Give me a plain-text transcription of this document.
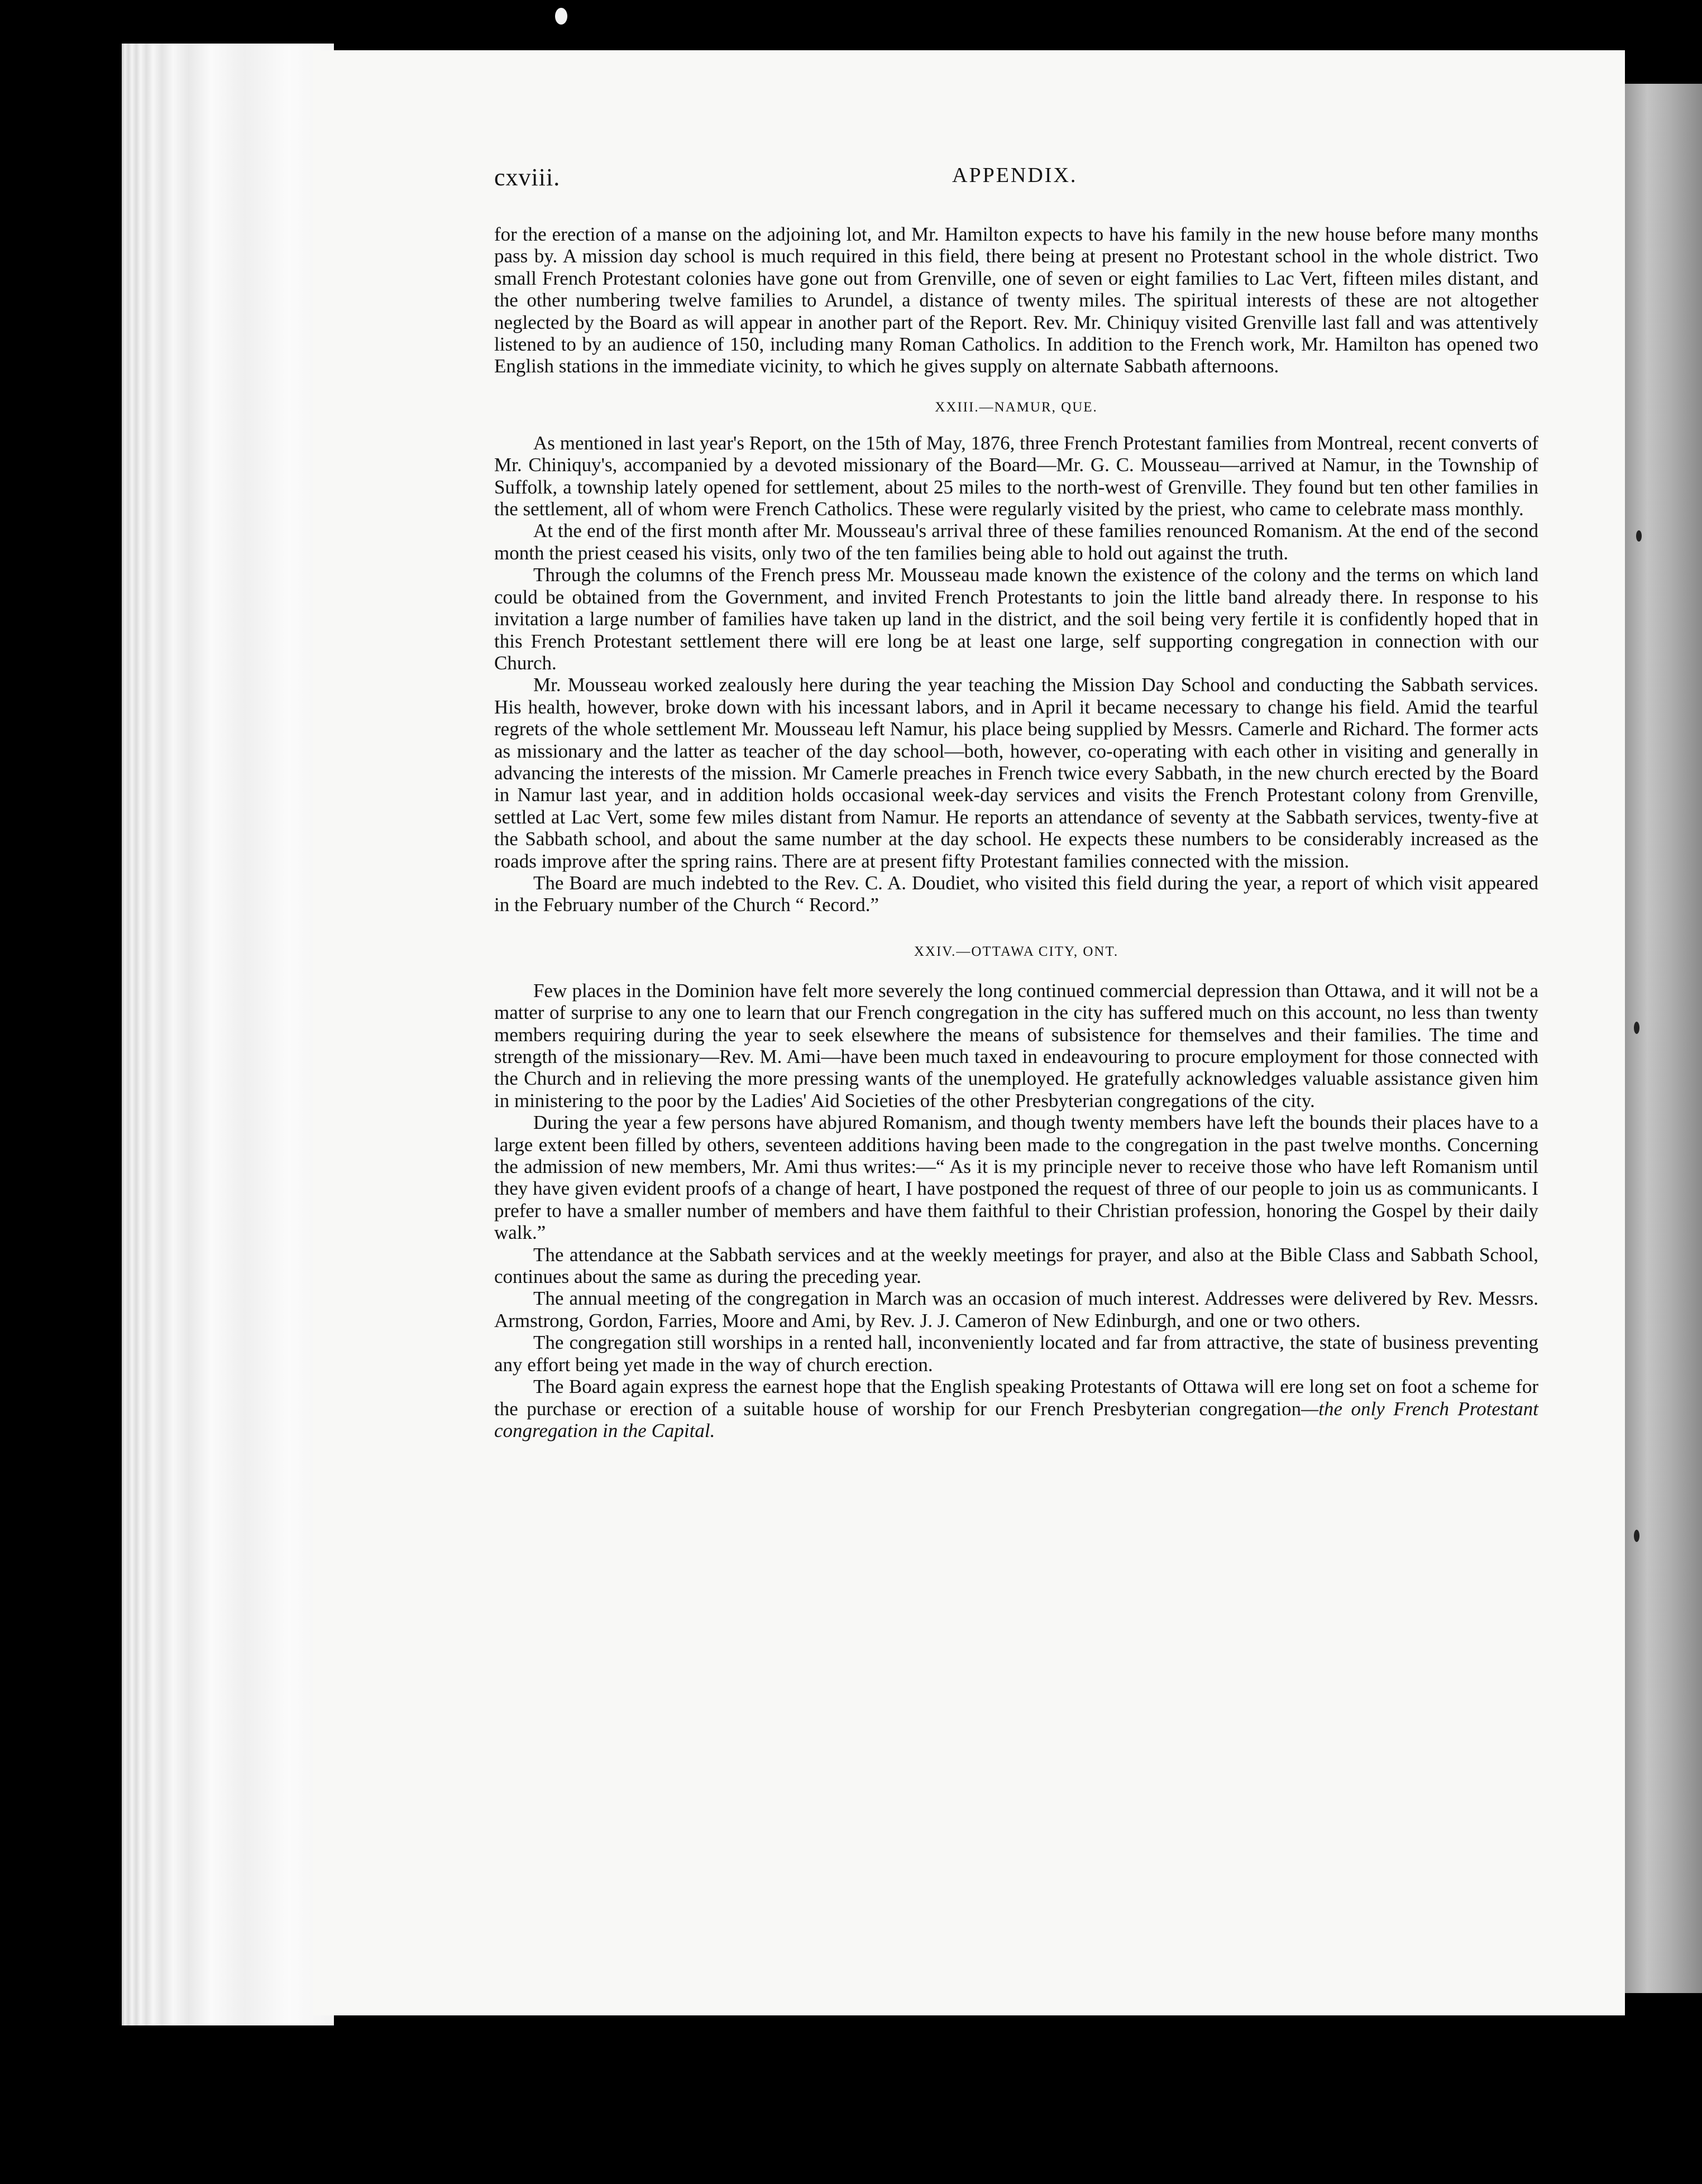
cxviii.	APPENDIX.

for the erection of a manse on the adjoining lot, and Mr. Hamilton expects to have his family in the new house before many months pass by. A mission day school is much required in this field, there being at present no Protestant school in the whole district. Two small French Protestant colonies have gone out from Grenville, one of seven or eight families to Lac Vert, fifteen miles distant, and the other numbering twelve families to Arundel, a distance of twenty miles. The spiritual interests of these are not altogether neglected by the Board as will appear in another part of the Report. Rev. Mr. Chiniquy visited Grenville last fall and was attentively listened to by an audience of 150, including many Roman Catholics. In addition to the French work, Mr. Hamilton has opened two English stations in the immediate vicinity, to which he gives supply on alternate Sabbath afternoons.

XXIII.—NAMUR, QUE.

As mentioned in last year's Report, on the 15th of May, 1876, three French Protestant families from Montreal, recent converts of Mr. Chiniquy's, accompanied by a devoted missionary of the Board—Mr. G. C. Mousseau—arrived at Namur, in the Township of Suffolk, a township lately opened for settlement, about 25 miles to the north-west of Grenville. They found but ten other families in the settlement, all of whom were French Catholics. These were regularly visited by the priest, who came to celebrate mass monthly.

At the end of the first month after Mr. Mousseau's arrival three of these families renounced Romanism. At the end of the second month the priest ceased his visits, only two of the ten families being able to hold out against the truth.

Through the columns of the French press Mr. Mousseau made known the existence of the colony and the terms on which land could be obtained from the Government, and invited French Protestants to join the little band already there. In response to his invitation a large number of families have taken up land in the district, and the soil being very fertile it is confidently hoped that in this French Protestant settlement there will ere long be at least one large, self supporting congregation in connection with our Church.

Mr. Mousseau worked zealously here during the year teaching the Mission Day School and conducting the Sabbath services. His health, however, broke down with his incessant labors, and in April it became necessary to change his field. Amid the tearful regrets of the whole settlement Mr. Mousseau left Namur, his place being supplied by Messrs. Camerle and Richard. The former acts as missionary and the latter as teacher of the day school—both, however, co-operating with each other in visiting and generally in advancing the interests of the mission. Mr Camerle preaches in French twice every Sabbath, in the new church erected by the Board in Namur last year, and in addition holds occasional week-day services and visits the French Protestant colony from Grenville, settled at Lac Vert, some few miles distant from Namur. He reports an attendance of seventy at the Sabbath services, twenty-five at the Sabbath school, and about the same number at the day school. He expects these numbers to be considerably increased as the roads improve after the spring rains. There are at present fifty Protestant families connected with the mission.

The Board are much indebted to the Rev. C. A. Doudiet, who visited this field during the year, a report of which visit appeared in the February number of the Church “ Record.”

XXIV.—OTTAWA CITY, ONT.

Few places in the Dominion have felt more severely the long continued commercial depression than Ottawa, and it will not be a matter of surprise to any one to learn that our French congregation in the city has suffered much on this account, no less than twenty members requiring during the year to seek elsewhere the means of subsistence for themselves and their families. The time and strength of the missionary—Rev. M. Ami—have been much taxed in endeavouring to procure employment for those connected with the Church and in relieving the more pressing wants of the unemployed. He gratefully acknowledges valuable assistance given him in ministering to the poor by the Ladies' Aid Societies of the other Presbyterian congregations of the city.

During the year a few persons have abjured Romanism, and though twenty members have left the bounds their places have to a large extent been filled by others, seventeen additions having been made to the congregation in the past twelve months. Concerning the admission of new members, Mr. Ami thus writes:—“ As it is my principle never to receive those who have left Romanism until they have given evident proofs of a change of heart, I have postponed the request of three of our people to join us as communicants. I prefer to have a smaller number of members and have them faithful to their Christian profession, honoring the Gospel by their daily walk.”

The attendance at the Sabbath services and at the weekly meetings for prayer, and also at the Bible Class and Sabbath School, continues about the same as during the preceding year.

The annual meeting of the congregation in March was an occasion of much interest. Addresses were delivered by Rev. Messrs. Armstrong, Gordon, Farries, Moore and Ami, by Rev. J. J. Cameron of New Edinburgh, and one or two others.

The congregation still worships in a rented hall, inconveniently located and far from attractive, the state of business preventing any effort being yet made in the way of church erection.

The Board again express the earnest hope that the English speaking Protestants of Ottawa will ere long set on foot a scheme for the purchase or erection of a suitable house of worship for our French Presbyterian congregation—the only French Protestant congregation in the Capital.
